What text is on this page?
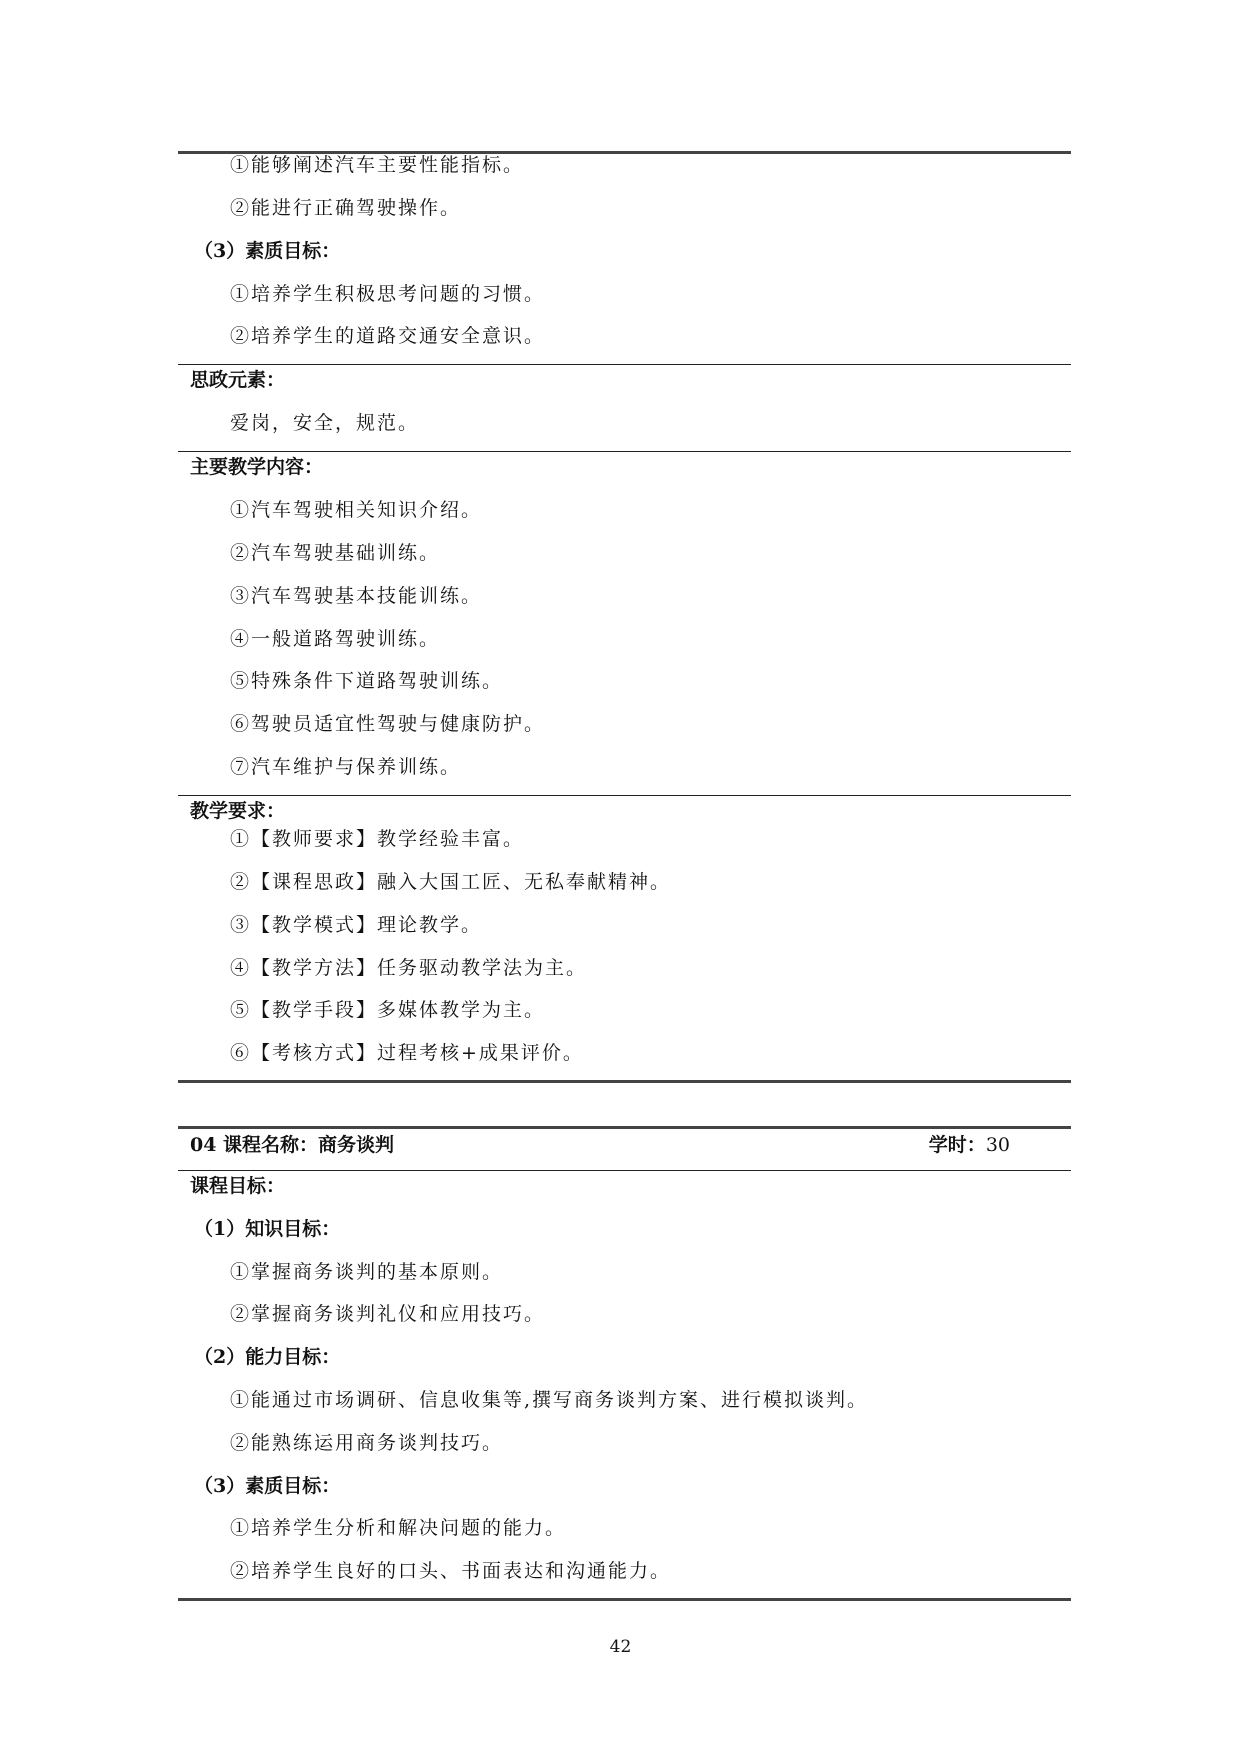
①能够阐述汽车主要性能指标。
②能进行正确驾驶操作。
（3）素质目标：
①培养学生积极思考问题的习惯。
②培养学生的道路交通安全意识。
思政元素：
爱岗，安全，规范。
主要教学内容：
①汽车驾驶相关知识介绍。
②汽车驾驶基础训练。
③汽车驾驶基本技能训练。
④一般道路驾驶训练。
⑤特殊条件下道路驾驶训练。
⑥驾驶员适宜性驾驶与健康防护。
⑦汽车维护与保养训练。
教学要求：
①【教师要求】教学经验丰富。
②【课程思政】融入大国工匠、无私奉献精神。
③【教学模式】理论教学。
④【教学方法】任务驱动教学法为主。
⑤【教学手段】多媒体教学为主。
⑥【考核方式】过程考核+成果评价。
04 课程名称：商务谈判	学时：30
课程目标：
（1）知识目标：
①掌握商务谈判的基本原则。
②掌握商务谈判礼仪和应用技巧。
（2）能力目标：
①能通过市场调研、信息收集等,撰写商务谈判方案、进行模拟谈判。
②能熟练运用商务谈判技巧。
（3）素质目标：
①培养学生分析和解决问题的能力。
②培养学生良好的口头、书面表达和沟通能力。
42
